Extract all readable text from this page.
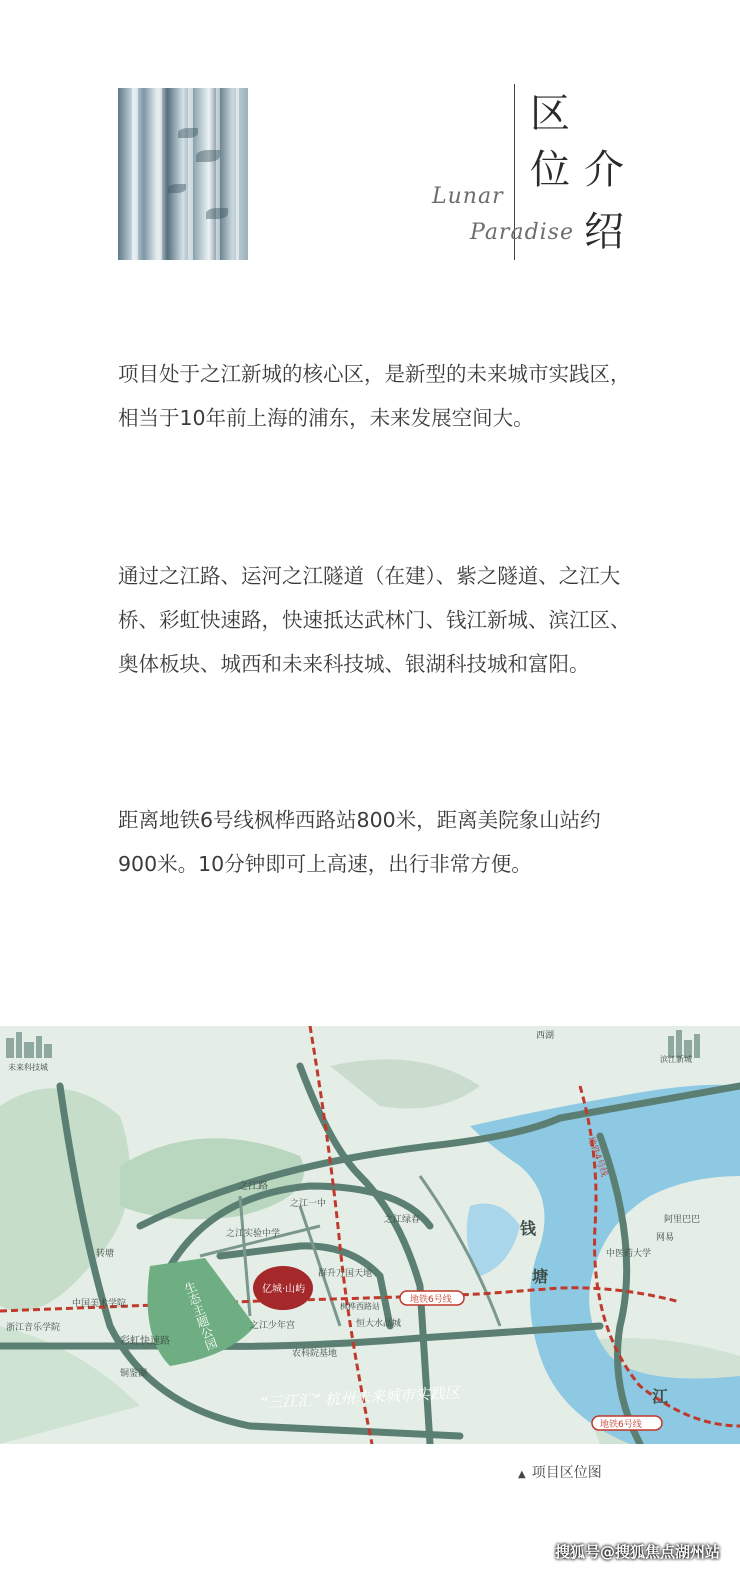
区
位 介
绍
Lunar
Paradise

项目处于之江新城的核心区，是新型的未来城市实践区，相当于10年前上海的浦东，未来发展空间大。

通过之江路、运河之江隧道（在建）、紫之隧道、之江大桥、彩虹快速路，快速抵达武林门、钱江新城、滨江区、奥体板块、城西和未来科技城、银湖科技城和富阳。

距离地铁6号线枫桦西路站800米，距离美院象山站约900米。10分钟即可上高速，出行非常方便。

钱
塘
江
生态主题公园	亿城·山屿
“三江汇” 杭州未来城市实践区
地铁6号线
地铁6号线
地铁4号线
之江路
彩虹快速路
之江实验中学
群升万国天地
枫桦西路站
恒大水晶城
农科院基地
之江一中
之江绿春	阿里巴巴
网易
中国美术学院
浙江音乐学院
铜鉴湖
西湖
未来科技城
中医药大学
滨江新城
转塘
之江少年宫
▲ 项目区位图
搜狐号@搜狐焦点湖州站
